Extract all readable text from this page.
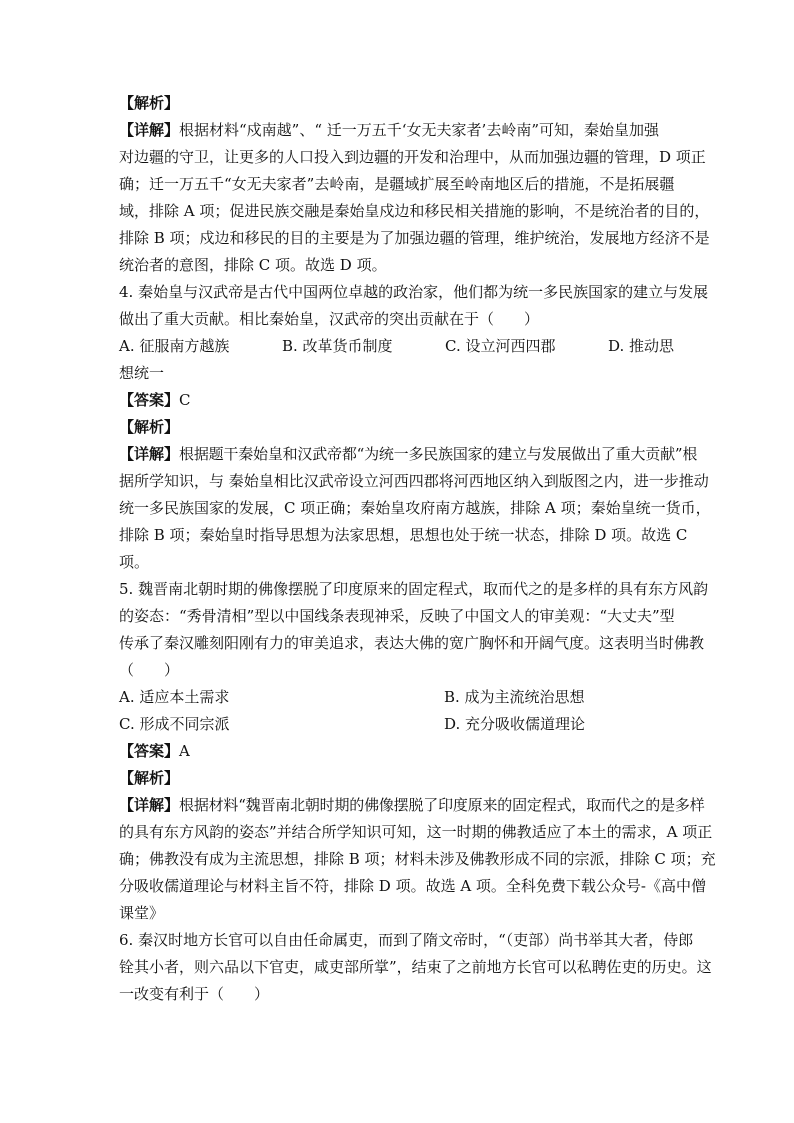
【解析】
【详解】根据材料“戍南越”、“ 迁一万五千‘女无夫家者’去岭南”可知，秦始皇加强
对边疆的守卫，让更多的人口投入到边疆的开发和治理中，从而加强边疆的管理，D 项正
确；迁一万五千“女无夫家者”去岭南，是疆域扩展至岭南地区后的措施，不是拓展疆
域，排除 A 项；促进民族交融是秦始皇戍边和移民相关措施的影响，不是统治者的目的，
排除 B 项；戍边和移民的目的主要是为了加强边疆的管理，维护统治，发展地方经济不是
统治者的意图，排除 C 项。故选 D 项。
4. 秦始皇与汉武帝是古代中国两位卓越的政治家，他们都为统一多民族国家的建立与发展
做出了重大贡献。相比秦始皇，汉武帝的突出贡献在于（　　）
A. 征服南方越族	B. 改革货币制度	C. 设立河西四郡	D. 推动思
想统一
【答案】C
【解析】
【详解】根据题干秦始皇和汉武帝都“为统一多民族国家的建立与发展做出了重大贡献”根
据所学知识，与 秦始皇相比汉武帝设立河西四郡将河西地区纳入到版图之内，进一步推动
统一多民族国家的发展，C 项正确；秦始皇攻府南方越族，排除 A 项；秦始皇统一货币，
排除 B 项；秦始皇时指导思想为法家思想，思想也处于统一状态，排除 D 项。故选 C
项。
5. 魏晋南北朝时期的佛像摆脱了印度原来的固定程式，取而代之的是多样的具有东方风韵
的姿态：“秀骨清相”型以中国线条表现神采，反映了中国文人的审美观：“大丈夫”型
传承了秦汉雕刻阳刚有力的审美追求，表达大佛的宽广胸怀和开阔气度。这表明当时佛教
（　　）
A. 适应本土需求	B. 成为主流统治思想
C. 形成不同宗派	D. 充分吸收儒道理论
【答案】A
【解析】
【详解】根据材料“魏晋南北朝时期的佛像摆脱了印度原来的固定程式，取而代之的是多样
的具有东方风韵的姿态”并结合所学知识可知，这一时期的佛教适应了本土的需求，A 项正
确；佛教没有成为主流思想，排除 B 项；材料未涉及佛教形成不同的宗派，排除 C 项；充
分吸收儒道理论与材料主旨不符，排除 D 项。故选 A 项。全科免费下载公众号-《高中僧
课堂》
6. 秦汉时地方长官可以自由任命属吏，而到了隋文帝时，“（吏部）尚书举其大者，侍郎
铨其小者，则六品以下官吏，咸吏部所掌”，结束了之前地方长官可以私聘佐吏的历史。这
一改变有利于（　　）
